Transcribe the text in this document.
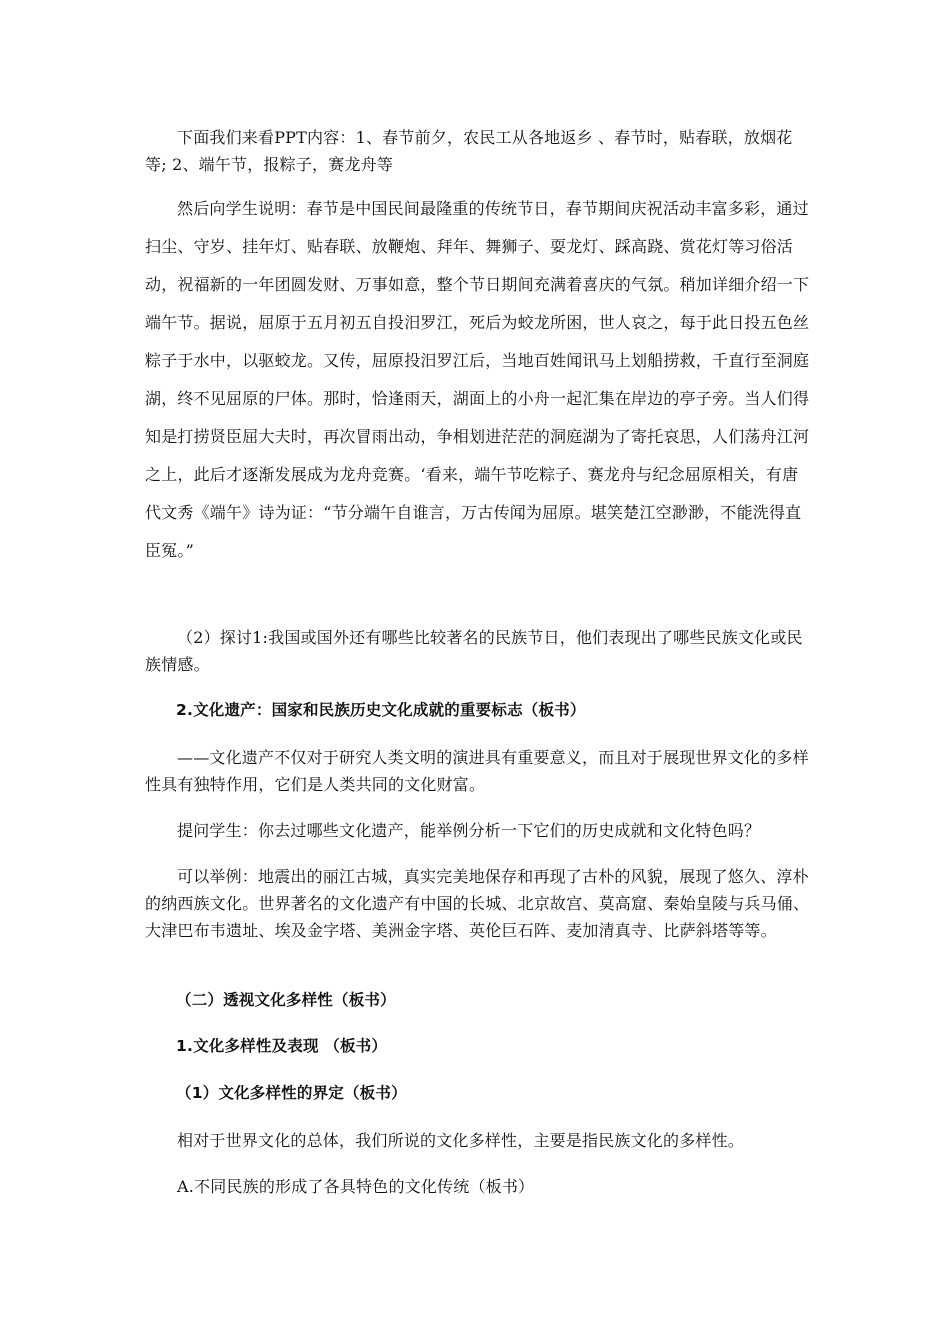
下面我们来看PPT内容：1、春节前夕，农民工从各地返乡 、春节时，贴春联，放烟花等; 2、端午节，报粽子，赛龙舟等

然后向学生说明：春节是中国民间最隆重的传统节日，春节期间庆祝活动丰富多彩，通过扫尘、守岁、挂年灯、贴春联、放鞭炮、拜年、舞狮子、耍龙灯、踩高跷、赏花灯等习俗活动，祝福新的一年团圆发财、万事如意，整个节日期间充满着喜庆的气氛。稍加详细介绍一下端午节。据说，屈原于五月初五自投汨罗江，死后为蛟龙所困，世人哀之，每于此日投五色丝粽子于水中，以驱蛟龙。又传，屈原投汨罗江后，当地百姓闻讯马上划船捞救，千直行至洞庭湖，终不见屈原的尸体。那时，恰逢雨天，湖面上的小舟一起汇集在岸边的亭子旁。当人们得知是打捞贤臣屈大夫时，再次冒雨出动，争相划进茫茫的洞庭湖为了寄托哀思，人们荡舟江河之上，此后才逐渐发展成为龙舟竞赛。‘看来，端午节吃粽子、赛龙舟与纪念屈原相关，有唐代文秀《端午》诗为证：“节分端午自谁言，万古传闻为屈原。堪笑楚江空渺渺，不能洗得直臣冤。”

（2）探讨1:我国或国外还有哪些比较著名的民族节日，他们表现出了哪些民族文化或民族情感。

2.文化遗产：国家和民族历史文化成就的重要标志（板书）

——文化遗产不仅对于研究人类文明的演进具有重要意义，而且对于展现世界文化的多样性具有独特作用，它们是人类共同的文化财富。

提问学生：你去过哪些文化遗产，能举例分析一下它们的历史成就和文化特色吗？

可以举例：地震出的丽江古城，真实完美地保存和再现了古朴的风貌，展现了悠久、淳朴的纳西族文化。世界著名的文化遗产有中国的长城、北京故宫、莫高窟、秦始皇陵与兵马俑、大津巴布韦遗址、埃及金字塔、美洲金字塔、英伦巨石阵、麦加清真寺、比萨斜塔等等。

（二）透视文化多样性（板书）

1.文化多样性及表现 （板书）

（1）文化多样性的界定（板书）

相对于世界文化的总体，我们所说的文化多样性，主要是指民族文化的多样性。

A.不同民族的形成了各具特色的文化传统（板书）
